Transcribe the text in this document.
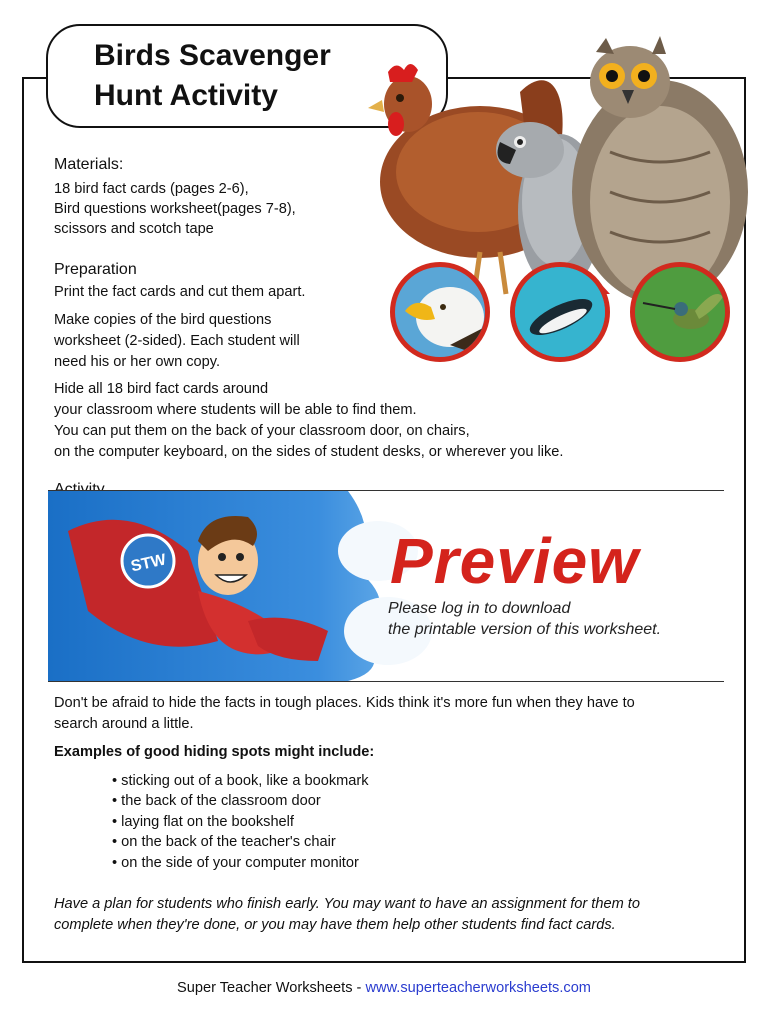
Birds Scavenger
Hunt Activity
Materials:
18 bird fact cards (pages 2-6),
Bird questions worksheet(pages 7-8),
scissors and scotch tape
Preparation
Print the fact cards and cut them apart.
Make copies of the bird questions
worksheet (2-sided). Each student will
need his or her own copy.
Hide all 18 bird fact cards around
your classroom where students will be able to find them.
You can put them on the back of your classroom door, on chairs,
on the computer keyboard, on the sides of student desks, or wherever you like.
STW	Preview
Please log in to download
the printable version of this worksheet.
Don't be afraid to hide the facts in tough places. Kids think it's more fun when they have to
search around a little.
Examples of good hiding spots might include:
• sticking out of a book, like a bookmark
• the back of the classroom door
• laying flat on the bookshelf
• on the back of the teacher's chair
• on the side of your computer monitor
Have a plan for students who finish early. You may want to have an assignment for them to
complete when they're done, or you may have them help other students find fact cards.
Super Teacher Worksheets - www.superteacherworksheets.com
